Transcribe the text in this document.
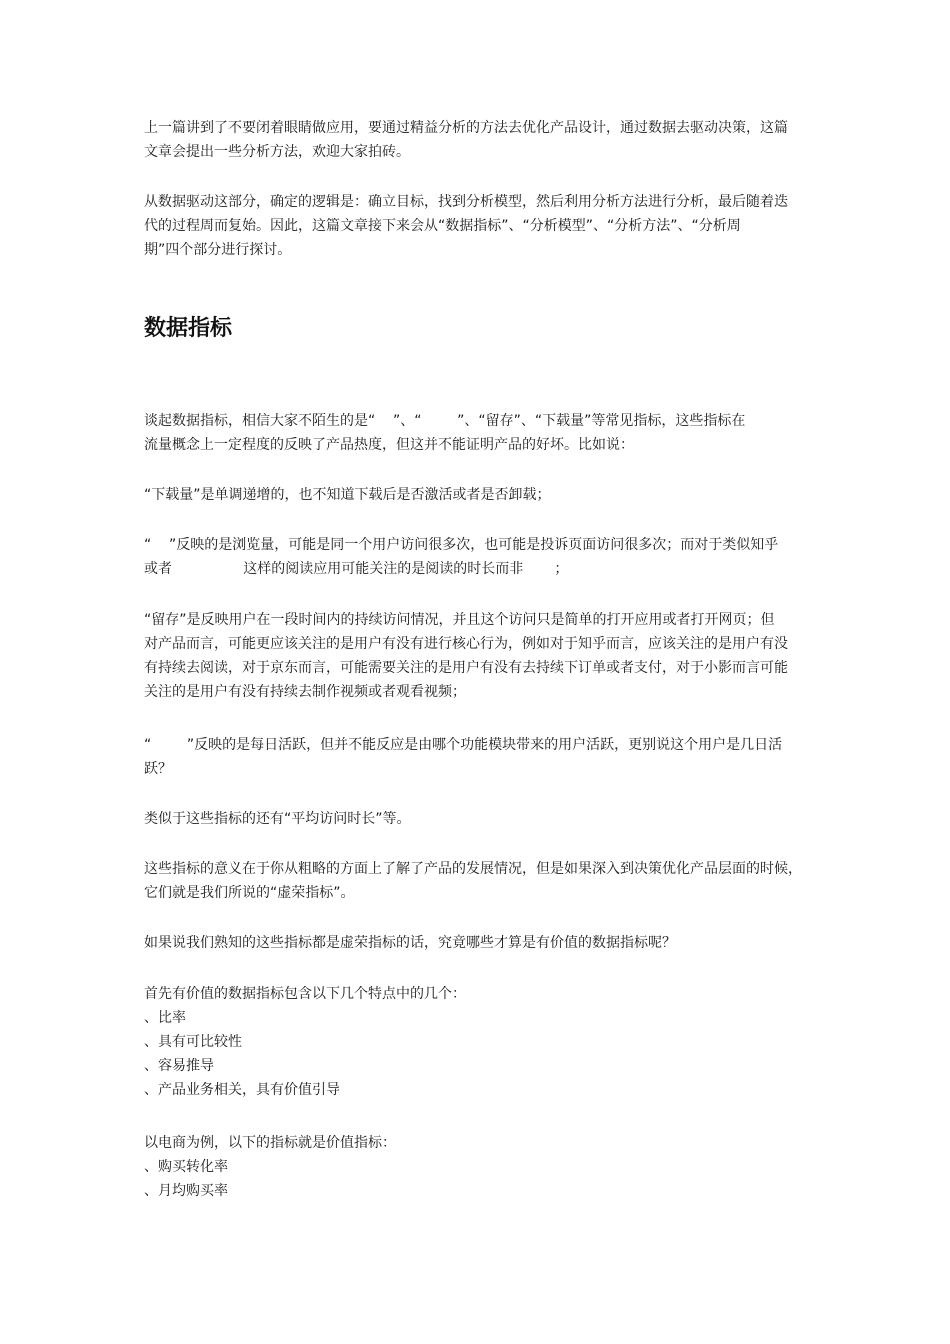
上一篇讲到了不要闭着眼睛做应用，要通过精益分析的方法去优化产品设计，通过数据去驱动决策，这篇
文章会提出一些分析方法，欢迎大家拍砖。

从数据驱动这部分，确定的逻辑是：确立目标，找到分析模型，然后利用分析方法进行分析，最后随着迭
代的过程周而复始。因此，这篇文章接下来会从“数据指标”、“分析模型”、“分析方法”、“分析周
期”四个部分进行探讨。

数据指标

谈起数据指标，相信大家不陌生的是“    ”、“        ”、“留存”、“下载量”等常见指标，这些指标在
流量概念上一定程度的反映了产品热度，但这并不能证明产品的好坏。比如说：

“下载量”是单调递增的，也不知道下载后是否激活或者是否卸载；

“    ”反映的是浏览量，可能是同一个用户访问很多次，也可能是投诉页面访问很多次；而对于类似知乎
或者                这样的阅读应用可能关注的是阅读的时长而非       ；

“留存”是反映用户在一段时间内的持续访问情况，并且这个访问只是简单的打开应用或者打开网页；但
对产品而言，可能更应该关注的是用户有没有进行核心行为，例如对于知乎而言，应该关注的是用户有没
有持续去阅读，对于京东而言，可能需要关注的是用户有没有去持续下订单或者支付，对于小影而言可能
关注的是用户有没有持续去制作视频或者观看视频；

“        ”反映的是每日活跃，但并不能反应是由哪个功能模块带来的用户活跃，更别说这个用户是几日活
跃？

类似于这些指标的还有“平均访问时长”等。

这些指标的意义在于你从粗略的方面上了解了产品的发展情况，但是如果深入到决策优化产品层面的时候，
它们就是我们所说的“虚荣指标”。

如果说我们熟知的这些指标都是虚荣指标的话，究竟哪些才算是有价值的数据指标呢？

首先有价值的数据指标包含以下几个特点中的几个：
、比率
、具有可比较性
、容易推导
、产品业务相关，具有价值引导
以电商为例，以下的指标就是价值指标：
、购买转化率
、月均购买率
